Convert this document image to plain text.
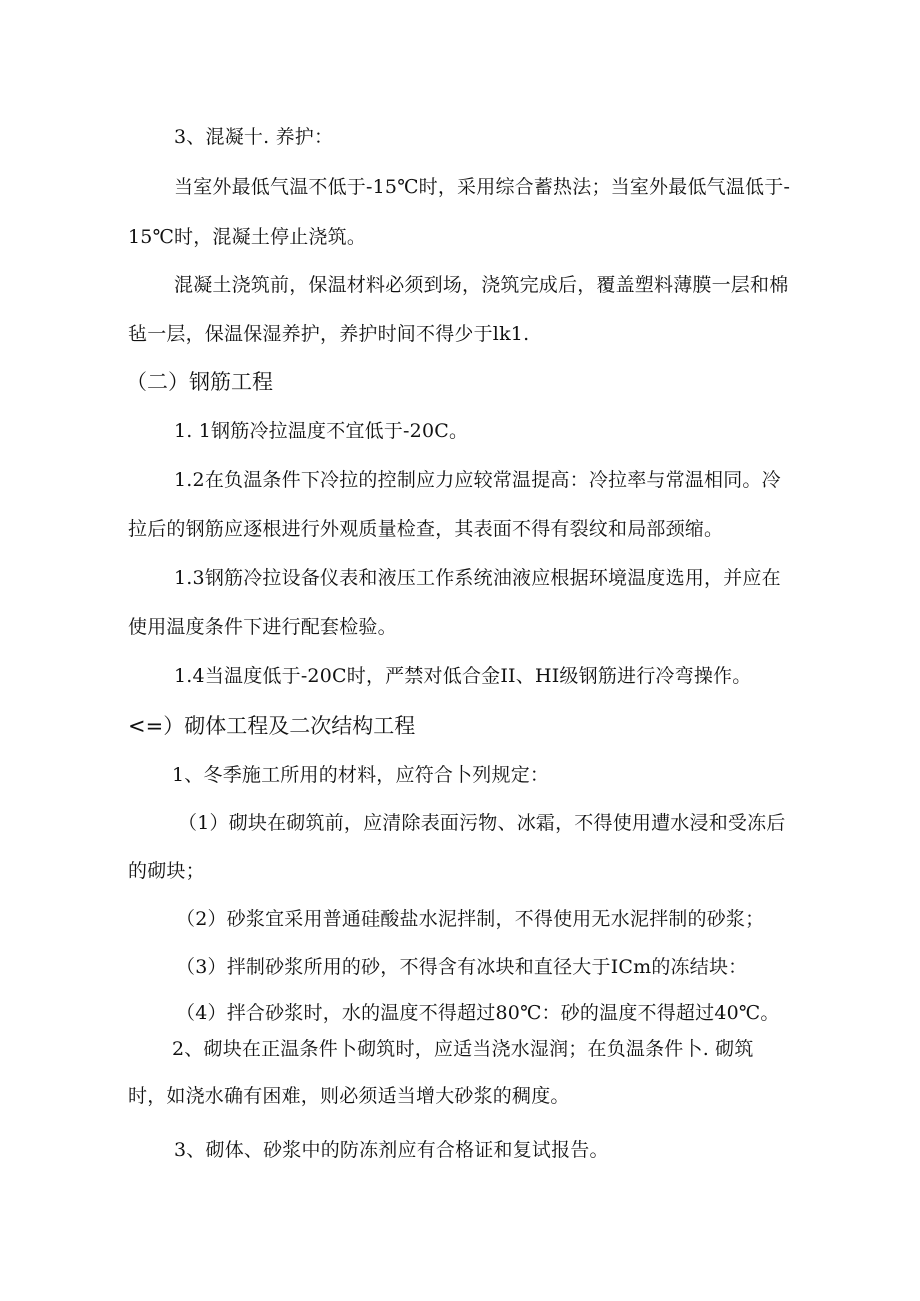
3、混凝十. 养护：
当室外最低气温不低于-15℃时，采用综合蓄热法；当室外最低气温低于-
15℃时，混凝土停止浇筑。
混凝土浇筑前，保温材料必须到场，浇筑完成后，覆盖塑料薄膜一层和棉
毡一层，保温保湿养护，养护时间不得少于lk1.
（二）钢筋工程
1. 1钢筋冷拉温度不宜低于-20C。
1.2在负温条件下冷拉的控制应力应较常温提高：冷拉率与常温相同。冷
拉后的钢筋应逐根进行外观质量检查，其表面不得有裂纹和局部颈缩。
1.3钢筋冷拉设备仪表和液压工作系统油液应根据环境温度选用，并应在
使用温度条件下进行配套检验。
1.4当温度低于-20C时，严禁对低合金II、HI级钢筋进行冷弯操作。
<=）砌体工程及二次结构工程
1、冬季施工所用的材料，应符合卜列规定：
（1）砌块在砌筑前，应清除表面污物、冰霜，不得使用遭水浸和受冻后
的砌块；
（2）砂浆宜采用普通硅酸盐水泥拌制，不得使用无水泥拌制的砂浆；
（3）拌制砂浆所用的砂，不得含有冰块和直径大于ICm的冻结块：
（4）拌合砂浆时，水的温度不得超过80℃：砂的温度不得超过40℃。
2、砌块在正温条件卜砌筑时，应适当浇水湿润；在负温条件卜. 砌筑
时，如浇水确有困难，则必须适当增大砂浆的稠度。
3、砌体、砂浆中的防冻剂应有合格证和复试报告。
